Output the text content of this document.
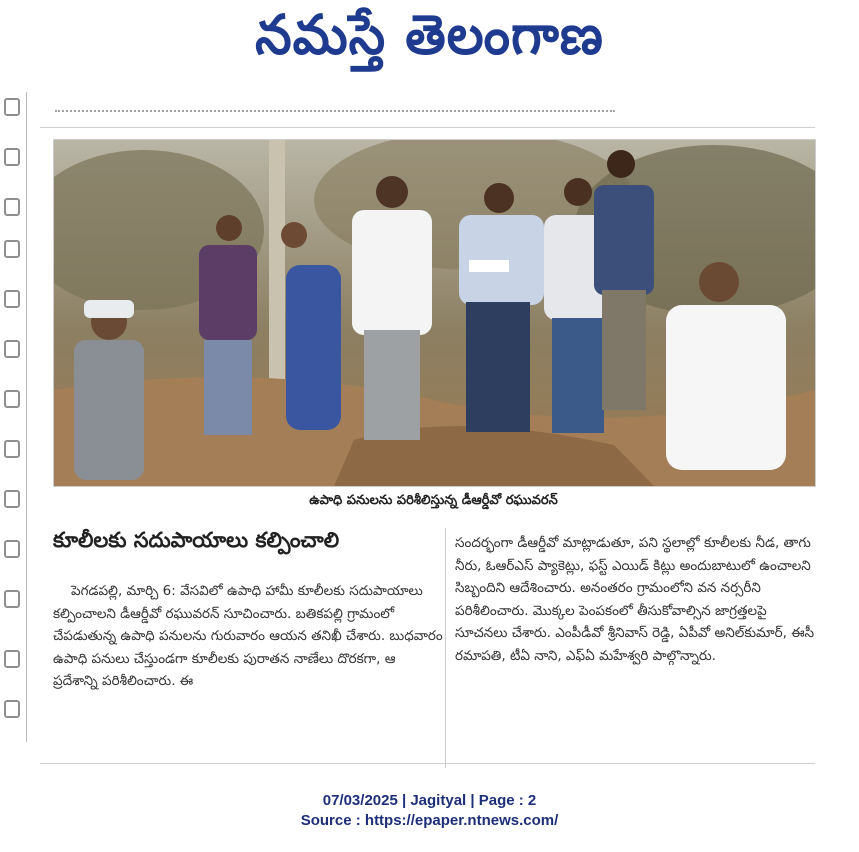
నమస్తే తెలంగాణ
ఉపాధి పనులను పరిశీలిస్తున్న డీఆర్డీవో రఘువరన్
కూలీలకు సదుపాయాలు కల్పించాలి

పెగడపల్లి, మార్చి 6: వేసవిలో ఉపాధి హామీ కూలీలకు సదుపాయాలు కల్పించాలని డీఆర్డీవో రఘువరన్ సూచించారు. బతికపల్లి గ్రామంలో చేపడుతున్న ఉపాధి పనులను గురువారం ఆయన తనిఖీ చేశారు. బుధవారం ఉపాధి పనులు చేస్తుండగా కూలీలకు పురాతన నాణేలు దొరకగా, ఆ ప్రదేశాన్ని పరిశీలించారు. ఈ

సందర్భంగా డీఆర్డీవో మాట్లాడుతూ, పని స్థలాల్లో కూలీలకు నీడ, తాగు నీరు, ఓఆర్ఎస్ ప్యాకెట్లు, ఫస్ట్ ఎయిడ్ కిట్లు అందుబాటులో ఉంచాలని సిబ్బందిని ఆదేశించారు. అనంతరం గ్రామంలోని వన నర్సరీని పరిశీలించారు. మొక్కల పెంపకంలో తీసుకోవాల్సిన జాగ్రత్తలపై సూచనలు చేశారు. ఎంపీడీవో శ్రీనివాస్ రెడ్డి, ఏపీవో అనిల్‌కుమార్, ఈసీ రమాపతి, టీఏ నాని, ఎఫ్ఏ మహేశ్వరి పాల్గొన్నారు.

07/03/2025 | Jagityal | Page : 2
Source : https://epaper.ntnews.com/
